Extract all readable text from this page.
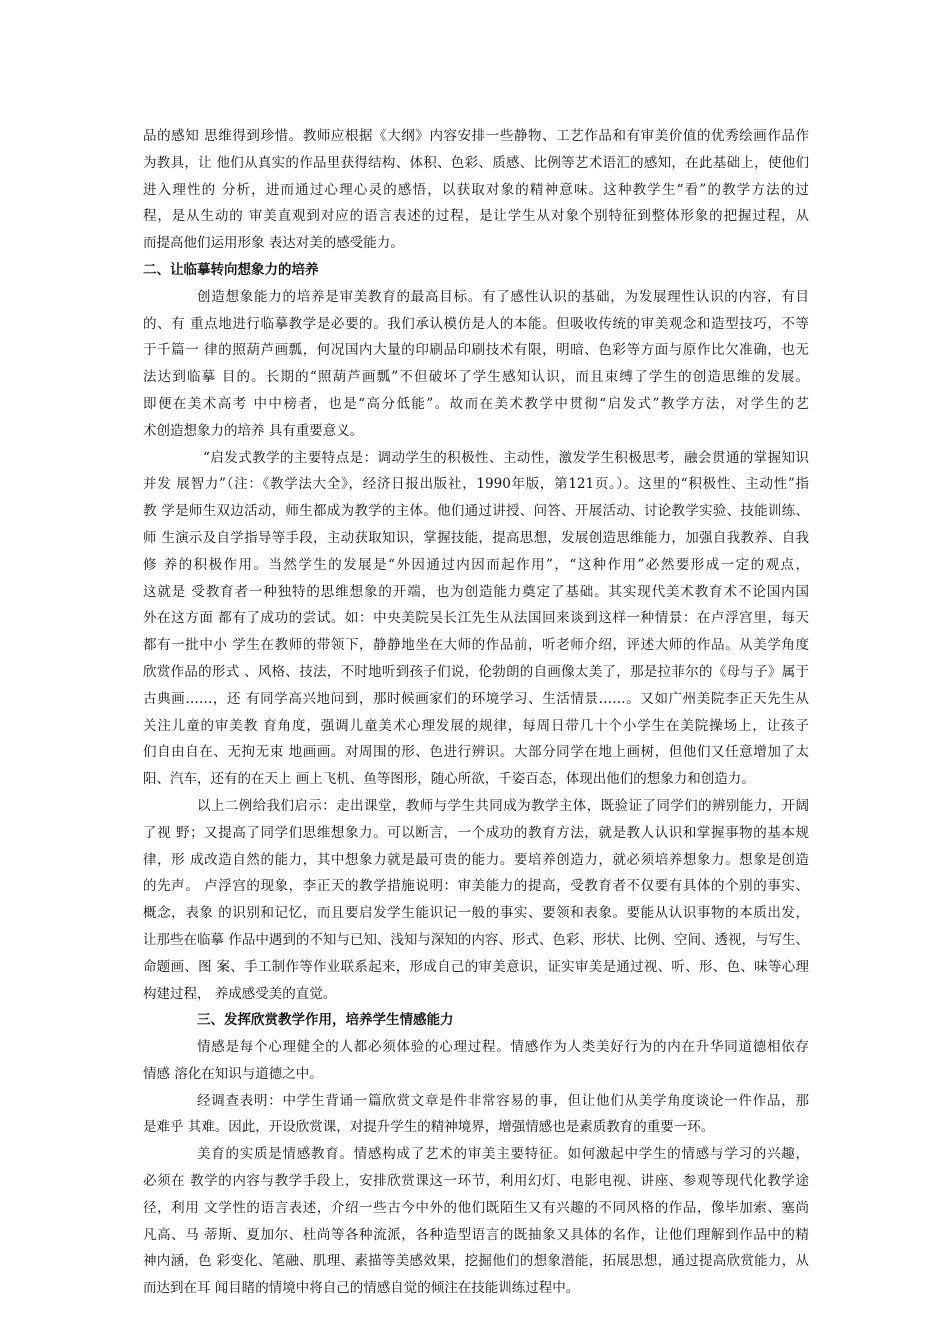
品的感知 思维得到珍惜。教师应根据《大纲》内容安排一些静物、工艺作品和有审美价值的优秀绘画作品作
为教具，让 他们从真实的作品里获得结构、体积、色彩、质感、比例等艺术语汇的感知，在此基础上，使他们
进入理性的 分析，进而通过心理心灵的感悟，以获取对象的精神意味。这种教学生“看”的教学方法的过
程，是从生动的 审美直观到对应的语言表述的过程，是让学生从对象个别特征到整体形象的把握过程，从
而提高他们运用形象 表达对美的感受能力。
二、让临摹转向想象力的培养
创造想象能力的培养是审美教育的最高目标。有了感性认识的基础，为发展理性认识的内容，有目
的、有 重点地进行临摹教学是必要的。我们承认模仿是人的本能。但吸收传统的审美观念和造型技巧，不等
于千篇一 律的照葫芦画瓢，何况国内大量的印刷品印刷技术有限，明暗、色彩等方面与原作比欠准确，也无
法达到临摹 目的。长期的“照葫芦画瓢”不但破坏了学生感知认识，而且束缚了学生的创造思维的发展。
即便在美术高考 中中榜者，也是“高分低能”。故而在美术教学中贯彻“启发式”教学方法，对学生的艺
术创造想象力的培养 具有重要意义。
“启发式教学的主要特点是：调动学生的积极性、主动性，激发学生积极思考，融会贯通的掌握知识
并发 展智力”（注：《教学法大全》，经济日报出版社，1990年版，第121页。）。这里的“积极性、主动性”指
教 学是师生双边活动，师生都成为教学的主体。他们通过讲授、问答、开展活动、讨论教学实验、技能训练、
师 生演示及自学指导等手段，主动获取知识，掌握技能，提高思想，发展创造思维能力，加强自我教养、自我
修 养的积极作用。当然学生的发展是“外因通过内因而起作用”，“这种作用”必然要形成一定的观点，
这就是 受教育者一种独特的思维想象的开端，也为创造能力奠定了基础。其实现代美术教育术不论国内国
外在这方面 都有了成功的尝试。如：中央美院吴长江先生从法国回来谈到这样一种情景：在卢浮宫里，每天
都有一批中小 学生在教师的带领下，静静地坐在大师的作品前，听老师介绍，评述大师的作品。从美学角度
欣赏作品的形式 、风格、技法，不时地听到孩子们说，伦勃朗的自画像太美了，那是拉菲尔的《母与子》属于
古典画……，还 有同学高兴地问到，那时候画家们的环境学习、生活情景……。又如广州美院李正天先生从
关注儿童的审美教 育角度，强调儿童美术心理发展的规律，每周日带几十个小学生在美院操场上，让孩子
们自由自在、无拘无束 地画画。对周围的形、色进行辨识。大部分同学在地上画树，但他们又任意增加了太
阳、汽车，还有的在天上 画上飞机、鱼等图形，随心所欲，千姿百态，体现出他们的想象力和创造力。
以上二例给我们启示：走出课堂，教师与学生共同成为教学主体，既验证了同学们的辨别能力，开阔
了视 野；又提高了同学们思维想象力。可以断言，一个成功的教育方法，就是教人认识和掌握事物的基本规
律，形 成改造自然的能力，其中想象力就是最可贵的能力。要培养创造力，就必须培养想象力。想象是创造
的先声。 卢浮宫的现象，李正天的教学措施说明：审美能力的提高，受教育者不仅要有具体的个别的事实、
概念，表象 的识别和记忆，而且要启发学生能识记一般的事实、要领和表象。要能从认识事物的本质出发，
让那些在临摹 作品中遇到的不知与已知、浅知与深知的内容、形式、色彩、形状、比例、空间、透视，与写生、
命题画、图 案、手工制作等作业联系起来，形成自己的审美意识，证实审美是通过视、听、形、色、味等心理
构建过程， 养成感受美的直觉。
三、发挥欣赏教学作用，培养学生情感能力
情感是每个心理健全的人都必须体验的心理过程。情感作为人类美好行为的内在升华同道德相依存
情感 溶化在知识与道德之中。
经调查表明：中学生背诵一篇欣赏文章是件非常容易的事，但让他们从美学角度谈论一件作品，那
是难乎 其难。因此，开设欣赏课，对提升学生的精神境界，增强情感也是素质教育的重要一环。
美育的实质是情感教育。情感构成了艺术的审美主要特征。如何激起中学生的情感与学习的兴趣，
必须在 教学的内容与教学手段上，安排欣赏课这一环节，利用幻灯、电影电视、讲座、参观等现代化教学途
径，利用 文学性的语言表述，介绍一些古今中外的他们既陌生又有兴趣的不同风格的作品，像毕加索、塞尚
凡高、马 蒂斯、夏加尔、杜尚等各种流派，各种造型语言的既抽象又具体的名作，让他们理解到作品中的精
神内涵，色 彩变化、笔融、肌理、素描等美感效果，挖掘他们的想象潜能，拓展思想，通过提高欣赏能力，从
而达到在耳 闻目睹的情境中将自己的情感自觉的倾注在技能训练过程中。
